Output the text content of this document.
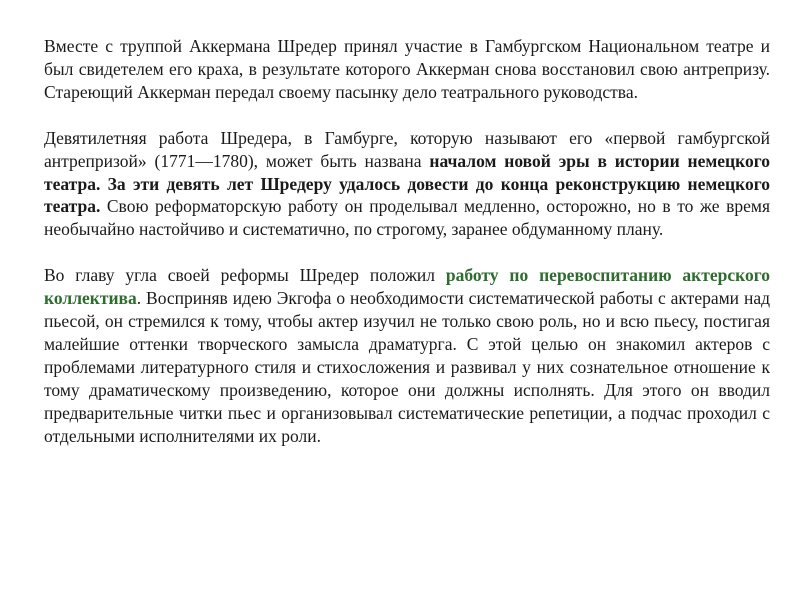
Вместе с труппой Аккермана Шредер принял участие в Гамбургском Национальном театре и был свидетелем его краха, в результате которого Аккерман снова восстановил свою антрепризу. Стареющий Аккерман передал своему пасынку дело театрального руководства.

Девятилетняя работа Шредера, в Гамбурге, которую называют его «первой гамбургской антрепризой» (1771—1780), может быть названа началом новой эры в истории немецкого театра. За эти девять лет Шредеру удалось довести до конца реконструкцию немецкого театра. Свою реформаторскую работу он проделывал медленно, осторожно, но в то же время необычайно настойчиво и систематично, по строгому, заранее обдуманному плану.

Во главу угла своей реформы Шредер положил работу по перевоспитанию актерского коллектива. Восприняв идею Экгофа о необходимости систематической работы с актерами над пьесой, он стремился к тому, чтобы актер изучил не только свою роль, но и всю пьесу, постигая малейшие оттенки творческого замысла драматурга. С этой целью он знакомил актеров с проблемами литературного стиля и стихосложения и развивал у них сознательное отношение к тому драматическому произведению, которое они должны исполнять. Для этого он вводил предварительные читки пьес и организовывал систематические репетиции, а подчас проходил с отдельными исполнителями их роли.
